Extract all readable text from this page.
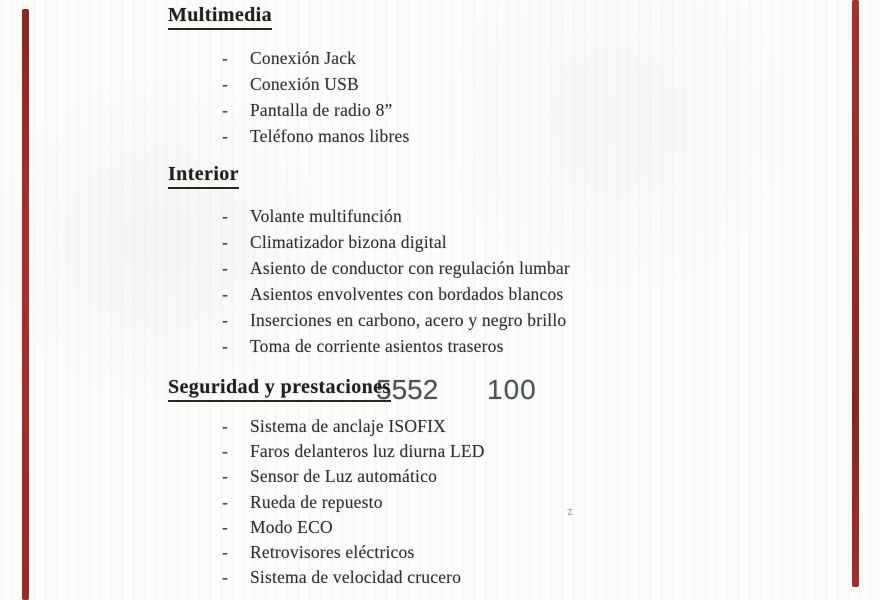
5552 100
z
Multimedia
-	Conexión Jack
-	Conexión USB
-	Pantalla de radio 8”
-	Teléfono manos libres
Interior
-	Volante multifunción
-	Climatizador bizona digital
-	Asiento de conductor con regulación lumbar
-	Asientos envolventes con bordados blancos
-	Inserciones en carbono, acero y negro brillo
-	Toma de corriente asientos traseros
Seguridad y prestaciones
-	Sistema de anclaje ISOFIX
-	Faros delanteros luz diurna LED
-	Sensor de Luz automático
-	Rueda de repuesto
-	Modo ECO
-	Retrovisores eléctricos
-	Sistema de velocidad crucero
